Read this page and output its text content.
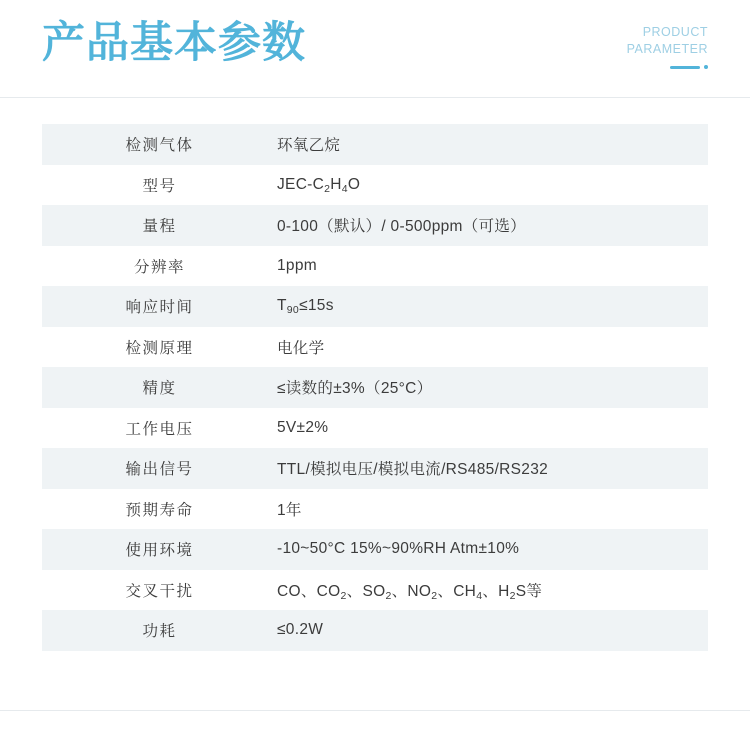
产品基本参数	PRODUCT
PARAMETER
检测气体	环氧乙烷
型号	JEC-$C_2H_4O$
量程	0-100（默认）/ 0-500ppm（可选）
分辨率	1ppm
响应时间	$T_{90}\le 15s$
检测原理	电化学
精度	≤读数的±3%（25°C）
工作电压	5V±2%
输出信号	TTL/模拟电压/模拟电流/RS485/RS232
预期寿命	1年
使用环境	-10~50°C 15%~90%RH Atm±10%
交叉干扰	CO、$CO_2$、$SO_2$、$NO_2$、$CH_4$、$H_2S$等
功耗	≤0.2W
